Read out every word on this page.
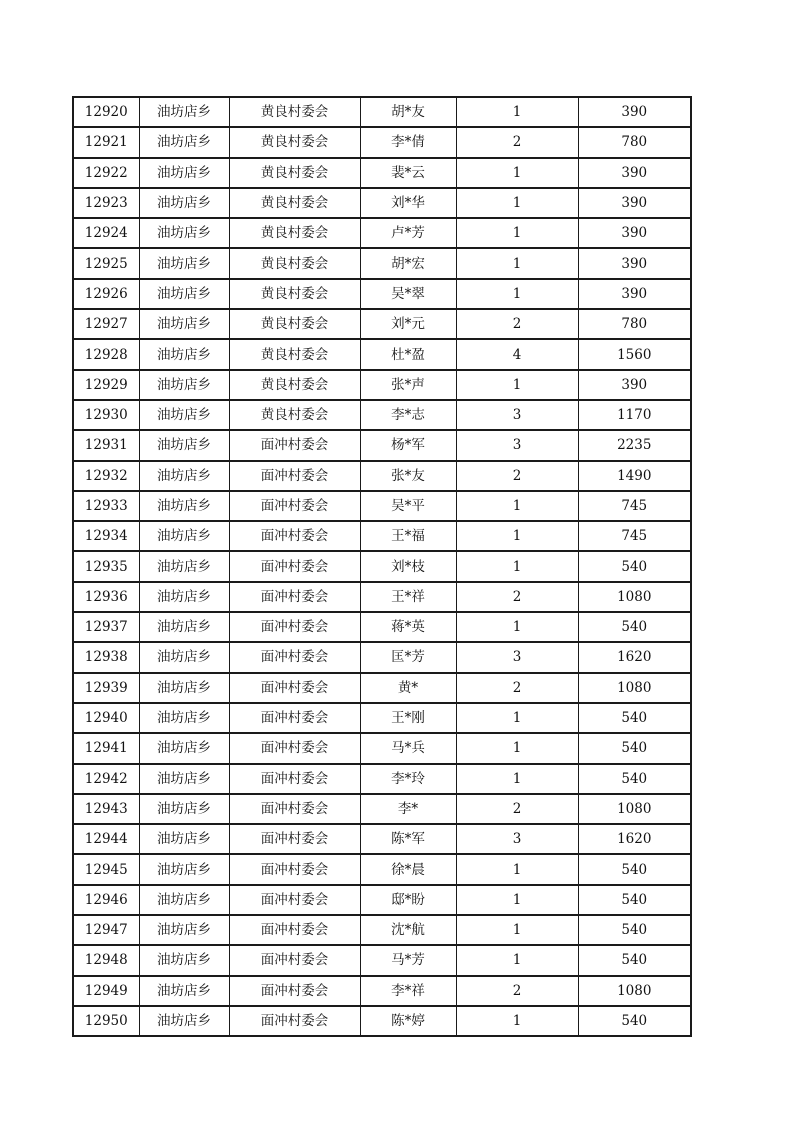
12920	油坊店乡	黄良村委会	胡*友	1	390
12921	油坊店乡	黄良村委会	李*倩	2	780
12922	油坊店乡	黄良村委会	裴*云	1	390
12923	油坊店乡	黄良村委会	刘*华	1	390
12924	油坊店乡	黄良村委会	卢*芳	1	390
12925	油坊店乡	黄良村委会	胡*宏	1	390
12926	油坊店乡	黄良村委会	吴*翠	1	390
12927	油坊店乡	黄良村委会	刘*元	2	780
12928	油坊店乡	黄良村委会	杜*盈	4	1560
12929	油坊店乡	黄良村委会	张*声	1	390
12930	油坊店乡	黄良村委会	李*志	3	1170
12931	油坊店乡	面冲村委会	杨*军	3	2235
12932	油坊店乡	面冲村委会	张*友	2	1490
12933	油坊店乡	面冲村委会	吴*平	1	745
12934	油坊店乡	面冲村委会	王*福	1	745
12935	油坊店乡	面冲村委会	刘*枝	1	540
12936	油坊店乡	面冲村委会	王*祥	2	1080
12937	油坊店乡	面冲村委会	蒋*英	1	540
12938	油坊店乡	面冲村委会	匡*芳	3	1620
12939	油坊店乡	面冲村委会	黄*	2	1080
12940	油坊店乡	面冲村委会	王*刚	1	540
12941	油坊店乡	面冲村委会	马*兵	1	540
12942	油坊店乡	面冲村委会	李*玲	1	540
12943	油坊店乡	面冲村委会	李*	2	1080
12944	油坊店乡	面冲村委会	陈*军	3	1620
12945	油坊店乡	面冲村委会	徐*晨	1	540
12946	油坊店乡	面冲村委会	邸*盼	1	540
12947	油坊店乡	面冲村委会	沈*航	1	540
12948	油坊店乡	面冲村委会	马*芳	1	540
12949	油坊店乡	面冲村委会	李*祥	2	1080
12950	油坊店乡	面冲村委会	陈*婷	1	540
